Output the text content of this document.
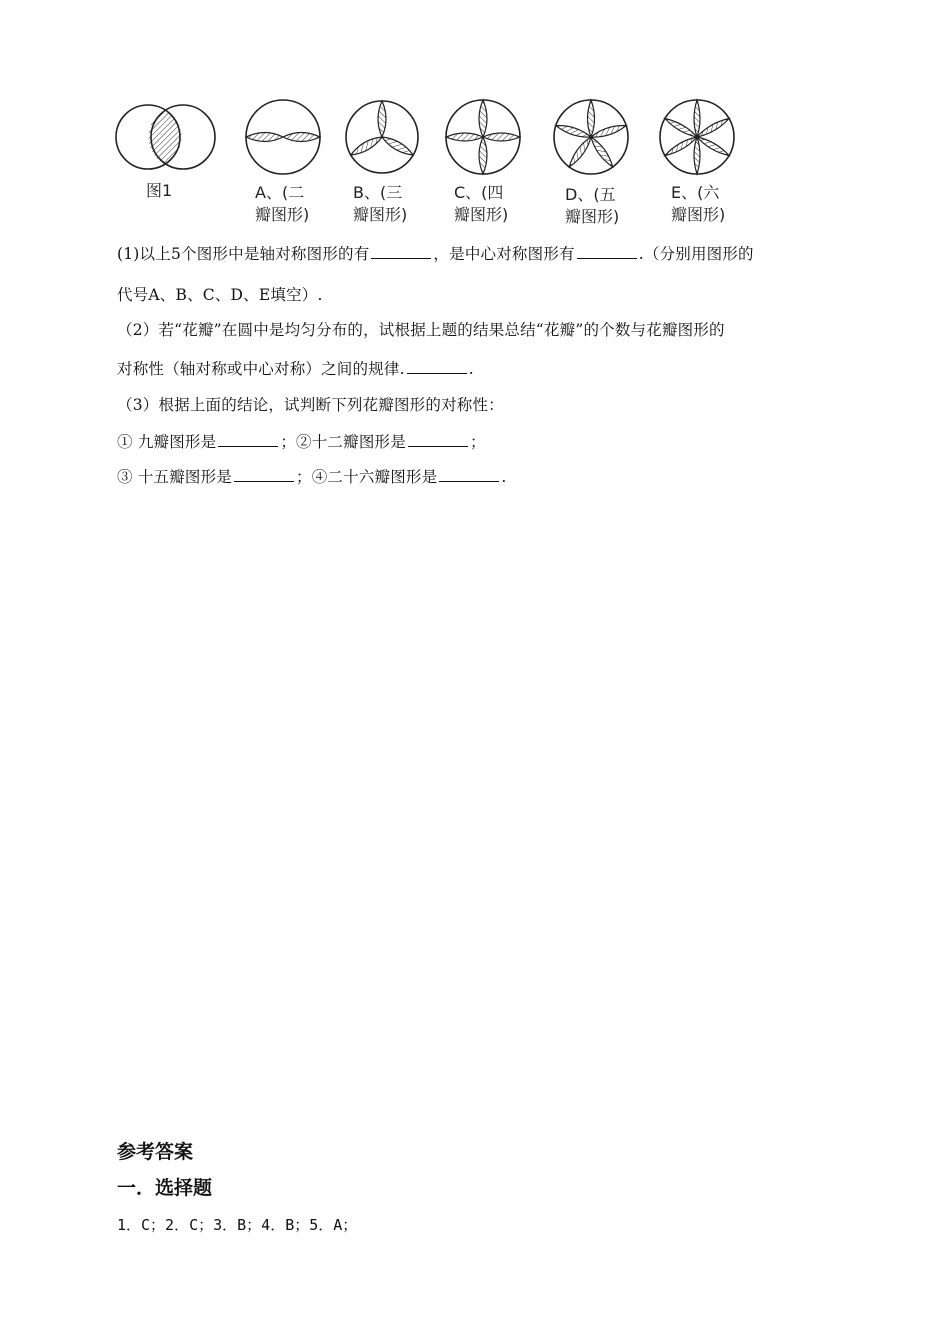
图1	A、(二
瓣图形)
B、(三
瓣图形)
C、(四
瓣图形)
D、(五
瓣图形)
E、(六
瓣图形)
(1)以上5个图形中是轴对称图形的有	，是中心对称图形有	.（分别用图形的
代号A、B、C、D、E填空）.
（2）若“花瓣”在圆中是均匀分布的，试根据上题的结果总结“花瓣”的个数与花瓣图形的
对称性（轴对称或中心对称）之间的规律.	.
（3）根据上面的结论，试判断下列花瓣图形的对称性：
① 九瓣图形是	；②十二瓣图形是	；
③ 十五瓣图形是	；④二十六瓣图形是	.
参考答案
一．选择题
1．C；2．C；3．B；4．B；5．A；
